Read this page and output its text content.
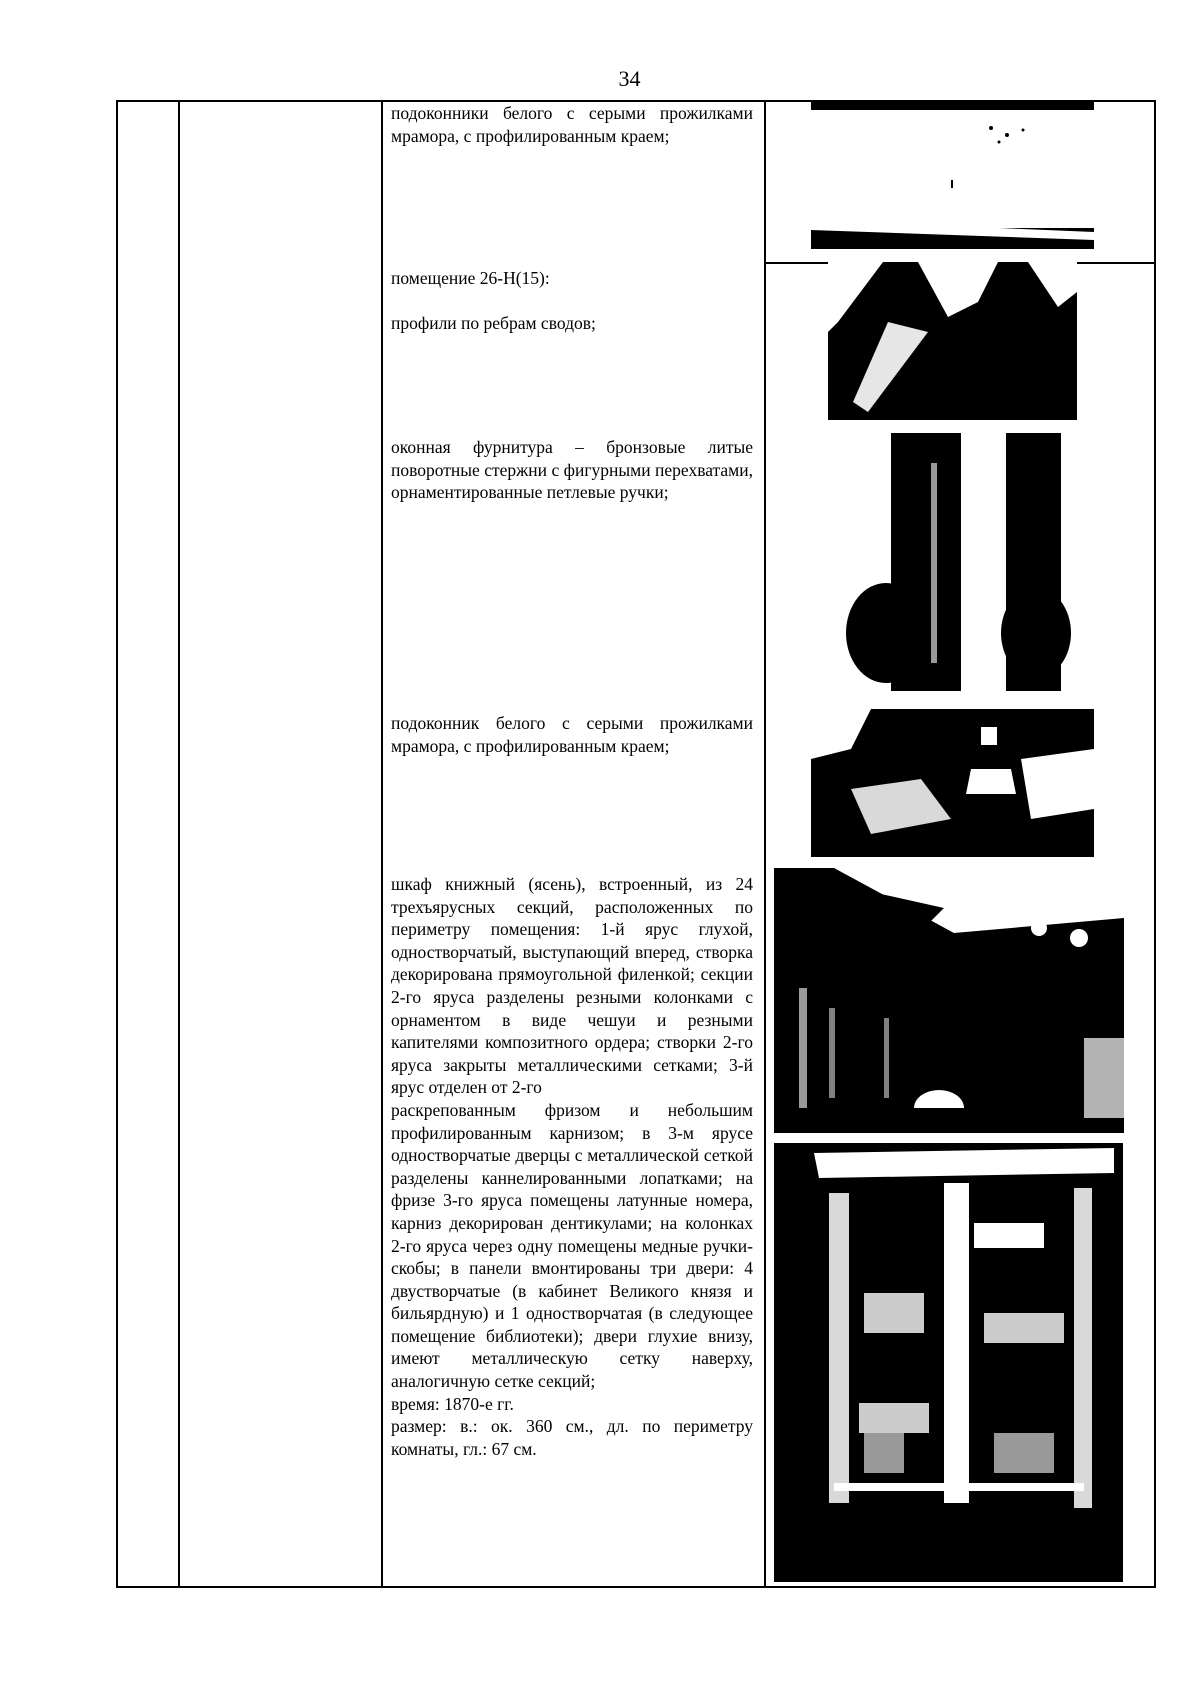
34

подоконники белого с серыми прожилками мрамора, с профилированным краем;

помещение 26-Н(15):

профили по ребрам сводов;

оконная фурнитура – бронзовые литые поворотные стержни с фигурными перехватами, орнаментированные петлевые ручки;

подоконник белого с серыми прожилками мрамора, с профилированным краем;

шкаф книжный (ясень), встроенный, из 24 трехъярусных секций, расположенных по периметру помещения: 1-й ярус глухой, одностворчатый, выступающий вперед, створка декорирована прямоугольной филенкой; секции 2-го яруса разделены резными колонками с орнаментом в виде чешуи и резными капителями композитного ордера; створки 2-го яруса закрыты металлическими сетками; 3-й ярус отделен от 2-го

раскрепованным фризом и небольшим профилированным карнизом; в 3-м ярусе одностворчатые дверцы с металлической сеткой разделены каннелированными лопатками; на фризе 3-го яруса помещены латунные номера, карниз декорирован дентикулами; на колонках 2-го яруса через одну помещены медные ручки-скобы; в панели вмонтированы три двери: 4 двустворчатые (в кабинет Великого князя и бильярдную) и 1 одностворчатая (в следующее помещение библиотеки); двери глухие внизу, имеют металлическую сетку наверху, аналогичную сетке секций;

время: 1870-е гг.

размер: в.: ок. 360 см., дл. по периметру комнаты, гл.: 67 см.
